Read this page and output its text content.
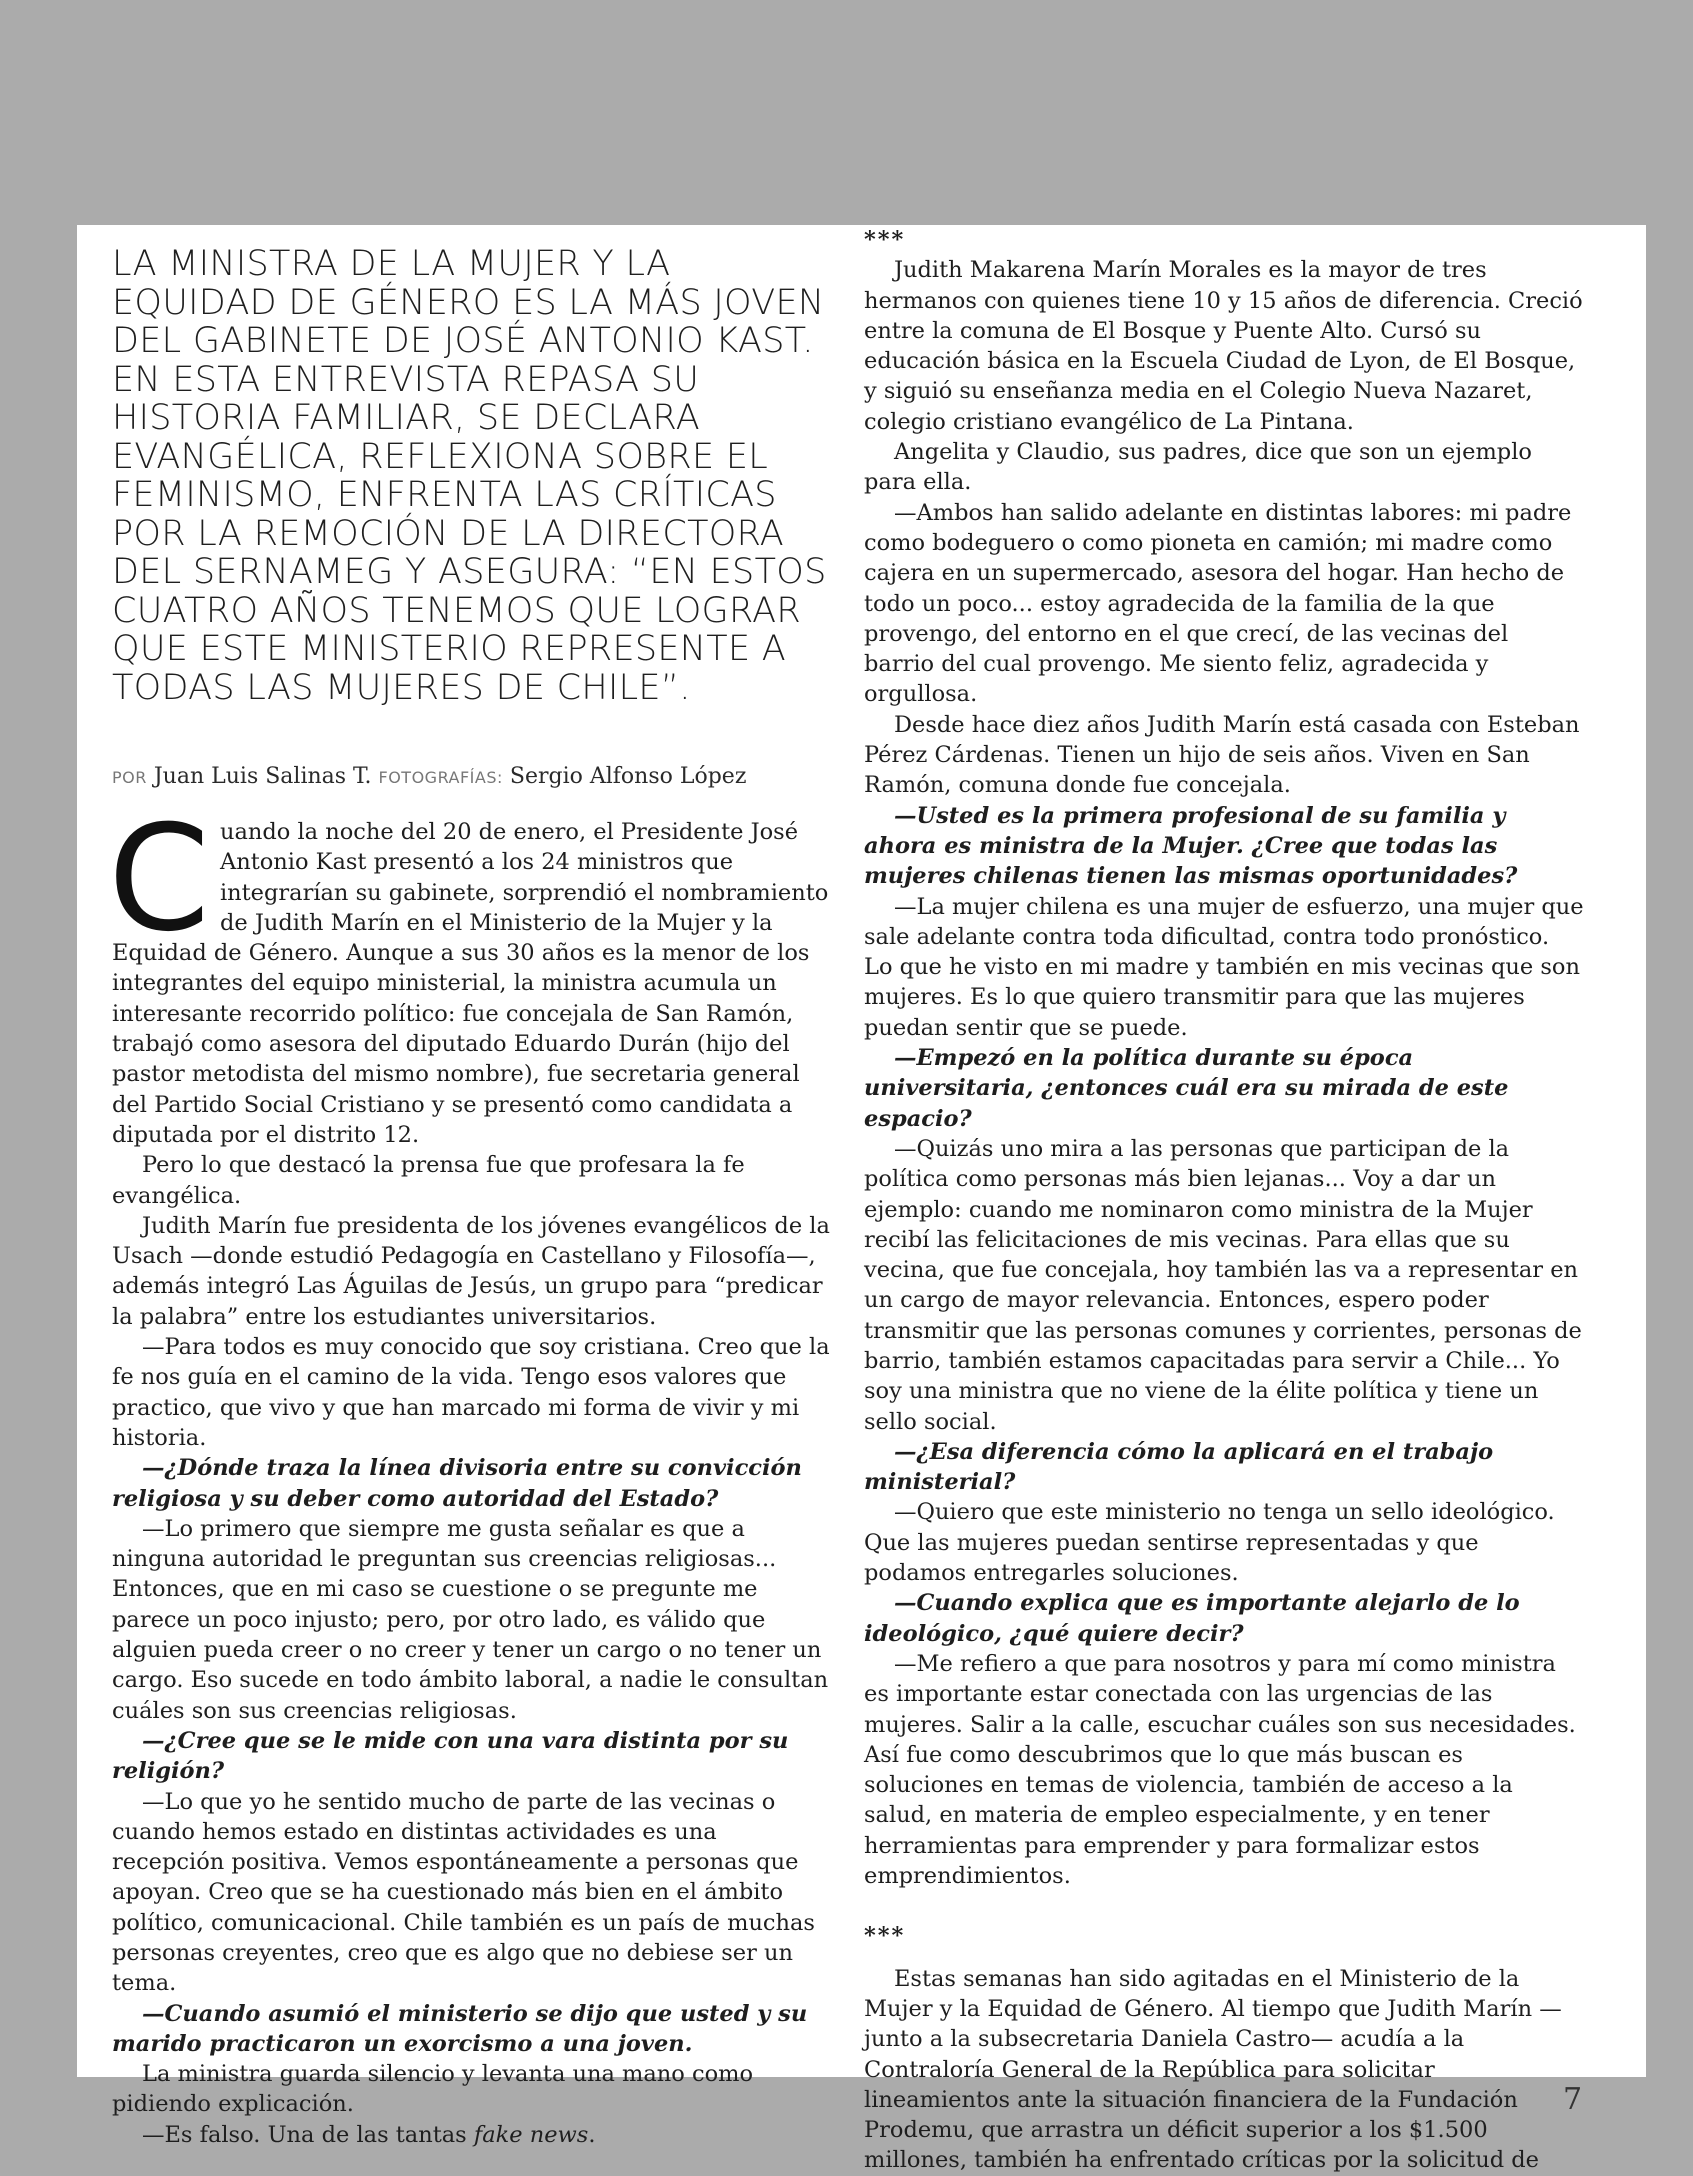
LA MINISTRA DE LA MUJER Y LA EQUIDAD DE GÉNERO ES LA MÁS JOVEN DEL GABINETE DE JOSÉ ANTONIO KAST. EN ESTA ENTREVISTA REPASA SU HISTORIA FAMILIAR, SE DECLARA EVANGÉLICA, REFLEXIONA SOBRE EL FEMINISMO, ENFRENTA LAS CRÍTICAS POR LA REMOCIÓN DE LA DIRECTORA DEL SERNAMEG Y ASEGURA: “EN ESTOS CUATRO AÑOS TENEMOS QUE LOGRAR QUE ESTE MINISTERIO REPRESENTE A TODAS LAS MUJERES DE CHILE”.
POR Juan Luis Salinas T. FOTOGRAFÍAS: Sergio Alfonso López

Cuando la noche del 20 de enero, el Presidente José Antonio Kast presentó a los 24 ministros que integrarían su gabinete, sorprendió el nombramiento de Judith Marín en el Ministerio de la Mujer y la Equidad de Género. Aunque a sus 30 años es la menor de los integrantes del equipo ministerial, la ministra acumula un interesante recorrido político: fue concejala de San Ramón, trabajó como asesora del diputado Eduardo Durán (hijo del pastor metodista del mismo nombre), fue secretaria general del Partido Social Cristiano y se presentó como candidata a diputada por el distrito 12.

Pero lo que destacó la prensa fue que profesara la fe evangélica.

Judith Marín fue presidenta de los jóvenes evangélicos de la Usach —donde estudió Pedagogía en Castellano y Filosofía—, además integró Las Águilas de Jesús, un grupo para “predicar la palabra” entre los estudiantes universitarios.

—Para todos es muy conocido que soy cristiana. Creo que la fe nos guía en el camino de la vida. Tengo esos valores que practico, que vivo y que han marcado mi forma de vivir y mi historia.

—¿Dónde traza la línea divisoria entre su convicción religiosa y su deber como autoridad del Estado?

—Lo primero que siempre me gusta señalar es que a ninguna autoridad le preguntan sus creencias religiosas... Entonces, que en mi caso se cuestione o se pregunte me parece un poco injusto; pero, por otro lado, es válido que alguien pueda creer o no creer y tener un cargo o no tener un cargo. Eso sucede en todo ámbito laboral, a nadie le consultan cuáles son sus creencias religiosas.

—¿Cree que se le mide con una vara distinta por su religión?

—Lo que yo he sentido mucho de parte de las vecinas o cuando hemos estado en distintas actividades es una recepción positiva. Vemos espontáneamente a personas que apoyan. Creo que se ha cuestionado más bien en el ámbito político, comunicacional. Chile también es un país de muchas personas creyentes, creo que es algo que no debiese ser un tema.

—Cuando asumió el ministerio se dijo que usted y su marido practicaron un exorcismo a una joven.

La ministra guarda silencio y levanta una mano como pidiendo explicación.

—Es falso. Una de las tantas fake news.

***

Judith Makarena Marín Morales es la mayor de tres hermanos con quienes tiene 10 y 15 años de diferencia. Creció entre la comuna de El Bosque y Puente Alto. Cursó su educación básica en la Escuela Ciudad de Lyon, de El Bosque, y siguió su enseñanza media en el Colegio Nueva Nazaret, colegio cristiano evangélico de La Pintana.

Angelita y Claudio, sus padres, dice que son un ejemplo para ella.

—Ambos han salido adelante en distintas labores: mi padre como bodeguero o como pioneta en camión; mi madre como cajera en un supermercado, asesora del hogar. Han hecho de todo un poco... estoy agradecida de la familia de la que provengo, del entorno en el que crecí, de las vecinas del barrio del cual provengo. Me siento feliz, agradecida y orgullosa.

Desde hace diez años Judith Marín está casada con Esteban Pérez Cárdenas. Tienen un hijo de seis años. Viven en San Ramón, comuna donde fue concejala.

—Usted es la primera profesional de su familia y ahora es ministra de la Mujer. ¿Cree que todas las mujeres chilenas tienen las mismas oportunidades?

—La mujer chilena es una mujer de esfuerzo, una mujer que sale adelante contra toda dificultad, contra todo pronóstico. Lo que he visto en mi madre y también en mis vecinas que son mujeres. Es lo que quiero transmitir para que las mujeres puedan sentir que se puede.

—Empezó en la política durante su época universitaria, ¿entonces cuál era su mirada de este espacio?

—Quizás uno mira a las personas que participan de la política como personas más bien lejanas... Voy a dar un ejemplo: cuando me nominaron como ministra de la Mujer recibí las felicitaciones de mis vecinas. Para ellas que su vecina, que fue concejala, hoy también las va a representar en un cargo de mayor relevancia. Entonces, espero poder transmitir que las personas comunes y corrientes, personas de barrio, también estamos capacitadas para servir a Chile... Yo soy una ministra que no viene de la élite política y tiene un sello social.

—¿Esa diferencia cómo la aplicará en el trabajo ministerial?

—Quiero que este ministerio no tenga un sello ideológico. Que las mujeres puedan sentirse representadas y que podamos entregarles soluciones.

—Cuando explica que es importante alejarlo de lo ideológico, ¿qué quiere decir?

—Me refiero a que para nosotros y para mí como ministra es importante estar conectada con las urgencias de las mujeres. Salir a la calle, escuchar cuáles son sus necesidades. Así fue como descubrimos que lo que más buscan es soluciones en temas de violencia, también de acceso a la salud, en materia de empleo especialmente, y en tener herramientas para emprender y para formalizar estos emprendimientos.

***

Estas semanas han sido agitadas en el Ministerio de la Mujer y la Equidad de Género. Al tiempo que Judith Marín —junto a la subsecretaria Daniela Castro— acudía a la Contraloría General de la República para solicitar lineamientos ante la situación financiera de la Fundación Prodemu, que arrastra un déficit superior a los $1.500 millones, también ha enfrentado críticas por la solicitud de

7
